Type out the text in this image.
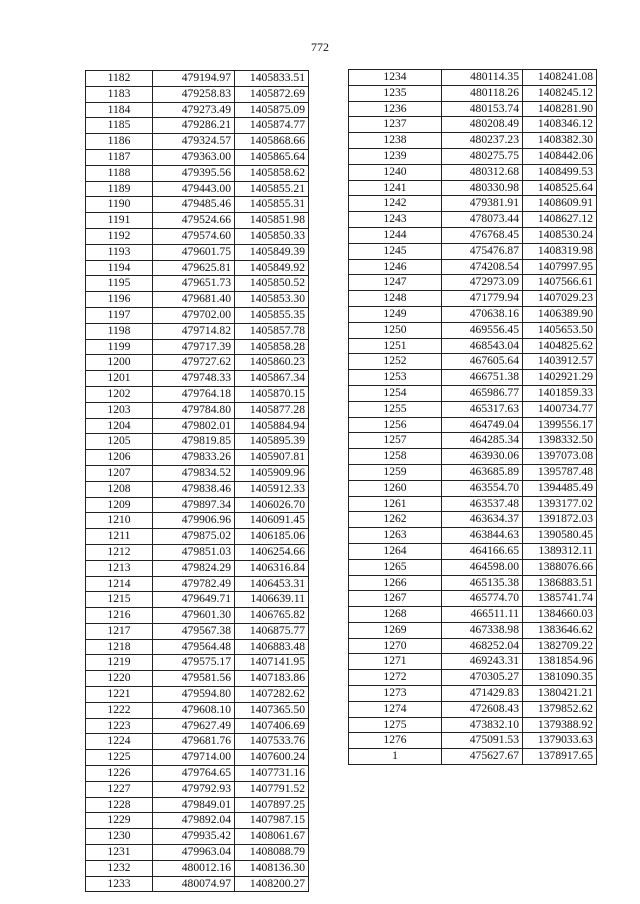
772
1182	479194.97	1405833.51
1183	479258.83	1405872.69
1184	479273.49	1405875.09
1185	479286.21	1405874.77
1186	479324.57	1405868.66
1187	479363.00	1405865.64
1188	479395.56	1405858.62
1189	479443.00	1405855.21
1190	479485.46	1405855.31
1191	479524.66	1405851.98
1192	479574.60	1405850.33
1193	479601.75	1405849.39
1194	479625.81	1405849.92
1195	479651.73	1405850.52
1196	479681.40	1405853.30
1197	479702.00	1405855.35
1198	479714.82	1405857.78
1199	479717.39	1405858.28
1200	479727.62	1405860.23
1201	479748.33	1405867.34
1202	479764.18	1405870.15
1203	479784.80	1405877.28
1204	479802.01	1405884.94
1205	479819.85	1405895.39
1206	479833.26	1405907.81
1207	479834.52	1405909.96
1208	479838.46	1405912.33
1209	479897.34	1406026.70
1210	479906.96	1406091.45
1211	479875.02	1406185.06
1212	479851.03	1406254.66
1213	479824.29	1406316.84
1214	479782.49	1406453.31
1215	479649.71	1406639.11
1216	479601.30	1406765.82
1217	479567.38	1406875.77
1218	479564.48	1406883.48
1219	479575.17	1407141.95
1220	479581.56	1407183.86
1221	479594.80	1407282.62
1222	479608.10	1407365.50
1223	479627.49	1407406.69
1224	479681.76	1407533.76
1225	479714.00	1407600.24
1226	479764.65	1407731.16
1227	479792.93	1407791.52
1228	479849.01	1407897.25
1229	479892.04	1407987.15
1230	479935.42	1408061.67
1231	479963.04	1408088.79
1232	480012.16	1408136.30
1233	480074.97	1408200.27
1234	480114.35	1408241.08
1235	480118.26	1408245.12
1236	480153.74	1408281.90
1237	480208.49	1408346.12
1238	480237.23	1408382.30
1239	480275.75	1408442.06
1240	480312.68	1408499.53
1241	480330.98	1408525.64
1242	479381.91	1408609.91
1243	478073.44	1408627.12
1244	476768.45	1408530.24
1245	475476.87	1408319.98
1246	474208.54	1407997.95
1247	472973.09	1407566.61
1248	471779.94	1407029.23
1249	470638.16	1406389.90
1250	469556.45	1405653.50
1251	468543.04	1404825.62
1252	467605.64	1403912.57
1253	466751.38	1402921.29
1254	465986.77	1401859.33
1255	465317.63	1400734.77
1256	464749.04	1399556.17
1257	464285.34	1398332.50
1258	463930.06	1397073.08
1259	463685.89	1395787.48
1260	463554.70	1394485.49
1261	463537.48	1393177.02
1262	463634.37	1391872.03
1263	463844.63	1390580.45
1264	464166.65	1389312.11
1265	464598.00	1388076.66
1266	465135.38	1386883.51
1267	465774.70	1385741.74
1268	466511.11	1384660.03
1269	467338.98	1383646.62
1270	468252.04	1382709.22
1271	469243.31	1381854.96
1272	470305.27	1381090.35
1273	471429.83	1380421.21
1274	472608.43	1379852.62
1275	473832.10	1379388.92
1276	475091.53	1379033.63
1	475627.67	1378917.65
